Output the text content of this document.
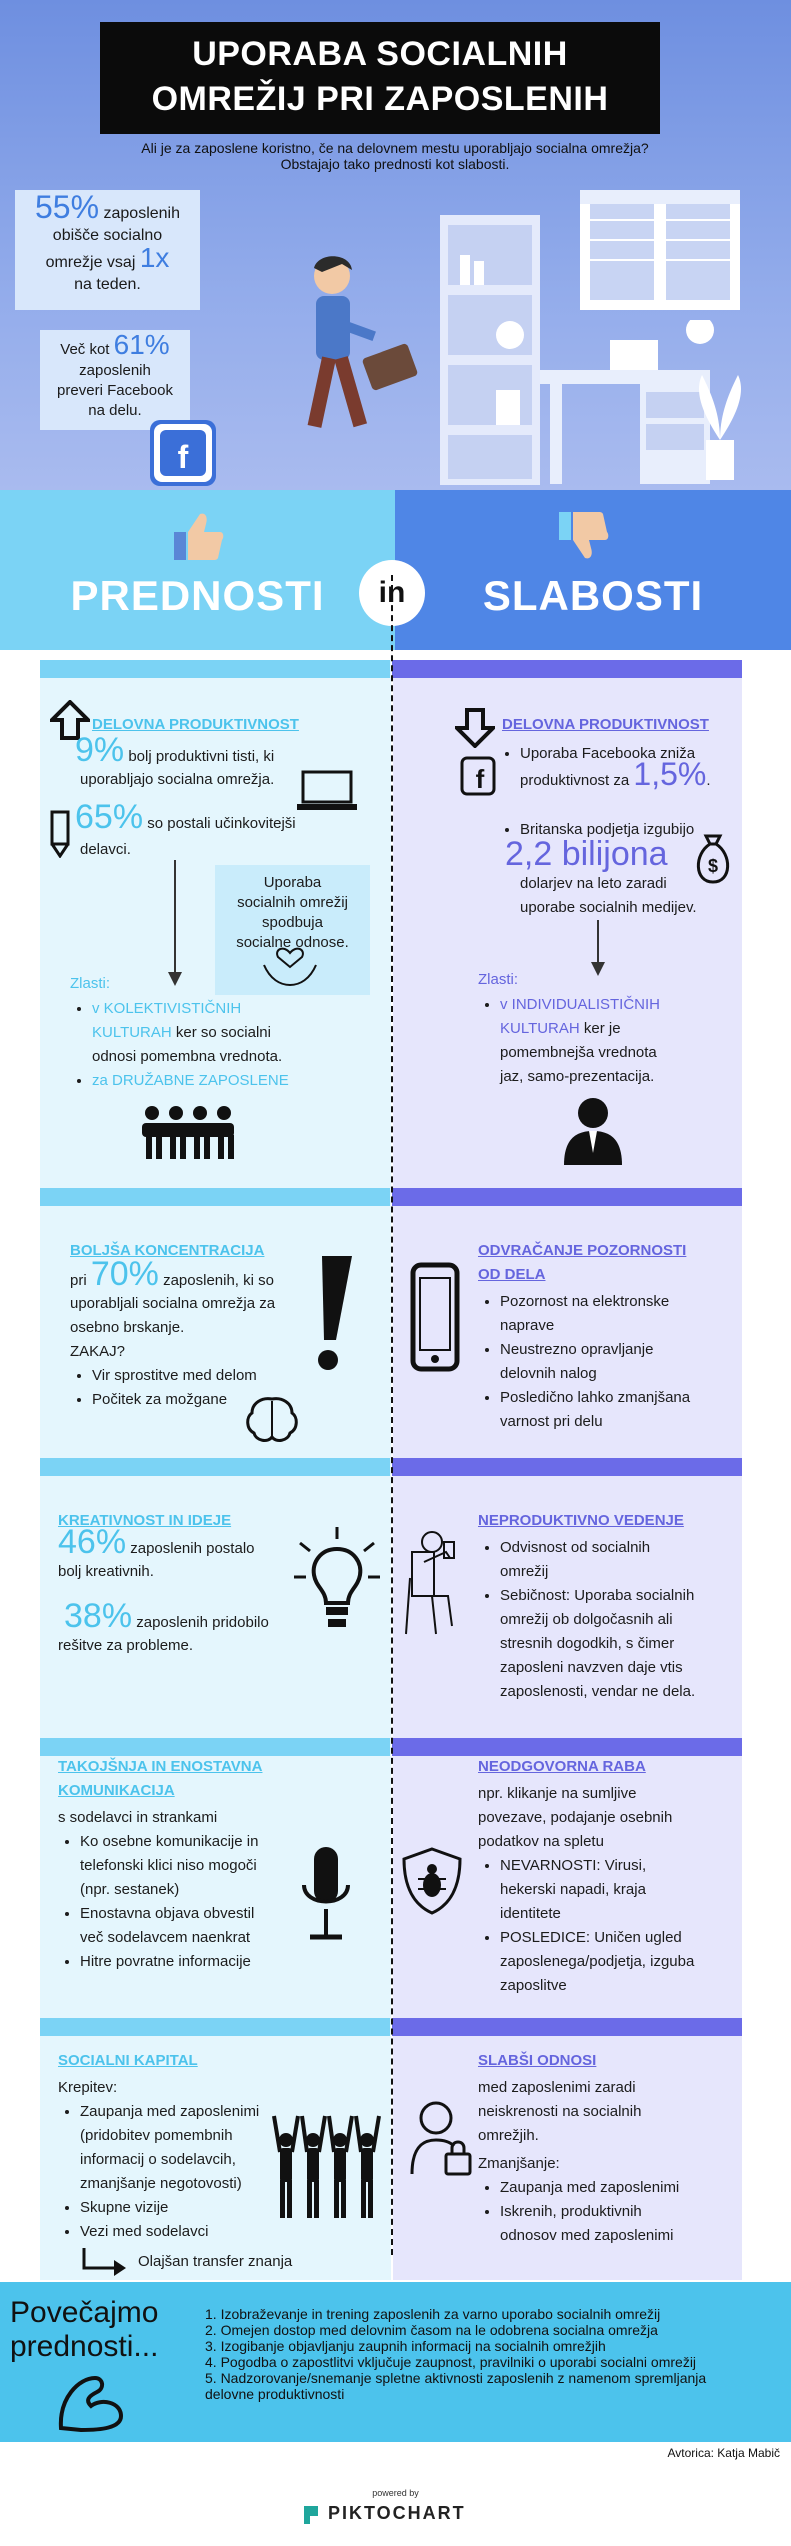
UPORABA SOCIALNIH
OMREŽIJ PRI ZAPOSLENIH
Ali je za zaposlene koristno, če na delovnem mestu uporabljajo socialna omrežja?
Obstajajo tako prednosti kot slabosti.
55% zaposlenih
obišče socialno
omrežje vsaj 1x
na teden.
Več kot 61%
zaposlenih
preveri Facebook
na delu.
f
PREDNOSTI	SLABOSTI
in
DELOVNA PRODUKTIVNOST
9% bolj produktivni tisti, ki
uporabljajo socialna omrežja.
65% so postali učinkovitejši
delavci.
Uporaba
socialnih omrežij
spodbuja
socialne odnose.
Zlasti:
• v KOLEKTIVISTIČNIH
KULTURAH ker so socialni
odnosi pomembna vrednota.
• za DRUŽABNE ZAPOSLENE
DELOVNA PRODUKTIVNOST
f
• Uporaba Facebooka zniža
produktivnost za 1,5%.
• Britanska podjetja izgubijo
2,2 bilijona
dolarjev na leto zaradi
uporabe socialnih medijev.
$
Zlasti:
• v INDIVIDUALISTIČNIH
KULTURAH ker je
pomembnejša vrednota
jaz, samo-prezentacija.
BOLJŠA KONCENTRACIJA
pri 70% zaposlenih, ki so
uporabljali socialna omrežja za
osebno brskanje.
ZAKAJ?
• Vir sprostitve med delom
• Počitek za možgane
ODVRAČANJE POZORNOSTI
OD DELA
• Pozornost na elektronske
naprave
• Neustrezno opravljanje
delovnih nalog
• Posledično lahko zmanjšana
varnost pri delu
KREATIVNOST IN IDEJE
46% zaposlenih postalo
bolj kreativnih.
38% zaposlenih pridobilo
rešitve za probleme.
NEPRODUKTIVNO VEDENJE
• Odvisnost od socialnih
omrežij
• Sebičnost: Uporaba socialnih
omrežij ob dolgočasnih ali
stresnih dogodkih, s čimer
zaposleni navzven daje vtis
zaposlenosti, vendar ne dela.
TAKOJŠNJA IN ENOSTAVNA
KOMUNIKACIJA
s sodelavci in strankami
• Ko osebne komunikacije in
telefonski klici niso mogoči
(npr. sestanek)
• Enostavna objava obvestil
več sodelavcem naenkrat
• Hitre povratne informacije
NEODGOVORNA RABA
npr. klikanje na sumljive
povezave, podajanje osebnih
podatkov na spletu
• NEVARNOSTI: Virusi,
hekerski napadi, kraja
identitete
• POSLEDICE: Uničen ugled
zaposlenega/podjetja, izguba
zaposlitve
SOCIALNI KAPITAL
Krepitev:
• Zaupanja med zaposlenimi
(pridobitev pomembnih
informacij o sodelavcih,
zmanjšanje negotovosti)
• Skupne vizije
• Vezi med sodelavci
Olajšan transfer znanja
SLABŠI ODNOSI
med zaposlenimi zaradi
neiskrenosti na socialnih
omrežjih.
Zmanjšanje:
• Zaupanja med zaposlenimi
• Iskrenih, produktivnih
odnosov med zaposlenimi
Povečajmo
prednosti...
1. Izobraževanje in trening zaposlenih za varno uporabo socialnih omrežij
2. Omejen dostop med delovnim časom na le odobrena socialna omrežja
3. Izogibanje objavljanju zaupnih informacij na socialnih omrežjih
4. Pogodba o zapostlitvi vključuje zaupnost, pravilniki o uporabi socialni omrežij
5. Nadzorovanje/snemanje spletne aktivnosti zaposlenih z namenom spremljanja
delovne produktivnosti
Avtorica: Katja Mabič
powered by
PIKTOCHART
